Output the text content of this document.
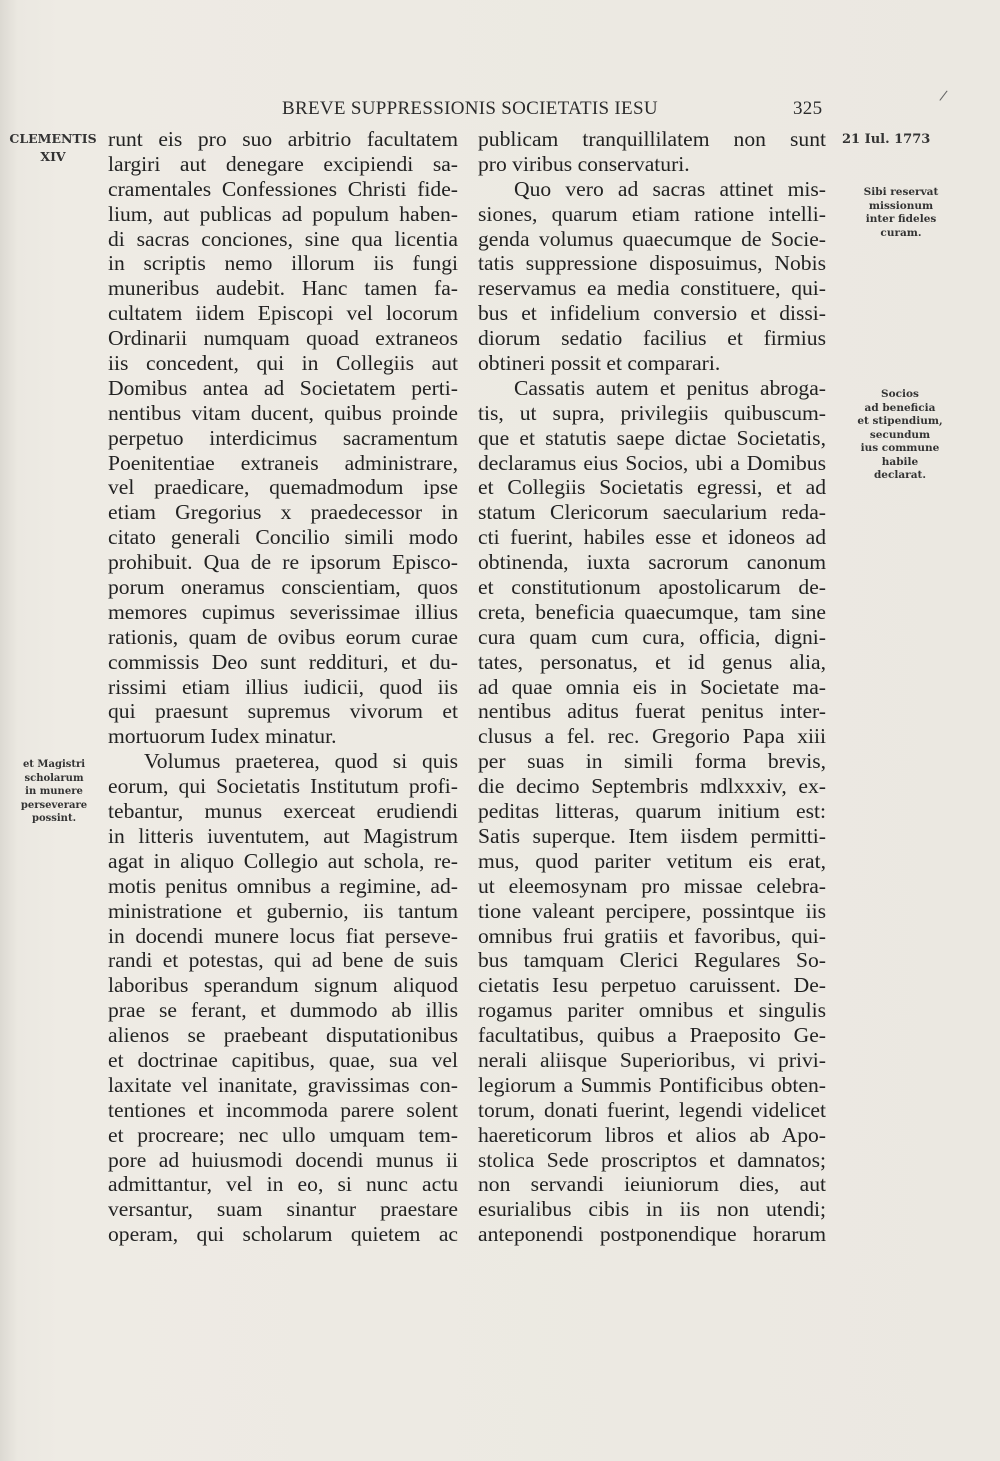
BREVE SUPPRESSIONIS SOCIETATIS IESU	325
CLEMENTIS
XIV
21 Iul. 1773
Sibi reservat
missionum
inter fideles
curam.
Socios
ad beneficia
et stipendium,
secundum
ius commune
habile
declarat.
et Magistri
scholarum
in munere
perseverare
possint.
runt eis pro suo arbitrio facultatem
largiri aut denegare excipiendi sa-
cramentales Confessiones Christi fide-
lium, aut publicas ad populum haben-
di sacras conciones, sine qua licentia
in scriptis nemo illorum iis fungi
muneribus audebit. Hanc tamen fa-
cultatem iidem Episcopi vel locorum
Ordinarii numquam quoad extraneos
iis concedent, qui in Collegiis aut
Domibus antea ad Societatem perti-
nentibus vitam ducent, quibus proinde
perpetuo interdicimus sacramentum
Poenitentiae extraneis administrare,
vel praedicare, quemadmodum ipse
etiam Gregorius x praedecessor in
citato generali Concilio simili modo
prohibuit. Qua de re ipsorum Episco-
porum oneramus conscientiam, quos
memores cupimus severissimae illius
rationis, quam de ovibus eorum curae
commissis Deo sunt reddituri, et du-
rissimi etiam illius iudicii, quod iis
qui praesunt supremus vivorum et
mortuorum Iudex minatur.
Volumus praeterea, quod si quis
eorum, qui Societatis Institutum profi-
tebantur, munus exerceat erudiendi
in litteris iuventutem, aut Magistrum
agat in aliquo Collegio aut schola, re-
motis penitus omnibus a regimine, ad-
ministratione et gubernio, iis tantum
in docendi munere locus fiat perseve-
randi et potestas, qui ad bene de suis
laboribus sperandum signum aliquod
prae se ferant, et dummodo ab illis
alienos se praebeant disputationibus
et doctrinae capitibus, quae, sua vel
laxitate vel inanitate, gravissimas con-
tentiones et incommoda parere solent
et procreare; nec ullo umquam tem-
pore ad huiusmodi docendi munus ii
admittantur, vel in eo, si nunc actu
versantur, suam sinantur praestare
operam, qui scholarum quietem ac
publicam tranquillilatem non sunt
pro viribus conservaturi.
Quo vero ad sacras attinet mis-
siones, quarum etiam ratione intelli-
genda volumus quaecumque de Socie-
tatis suppressione disposuimus, Nobis
reservamus ea media constituere, qui-
bus et infidelium conversio et dissi-
diorum sedatio facilius et firmius
obtineri possit et comparari.
Cassatis autem et penitus abroga-
tis, ut supra, privilegiis quibuscum-
que et statutis saepe dictae Societatis,
declaramus eius Socios, ubi a Domibus
et Collegiis Societatis egressi, et ad
statum Clericorum saecularium reda-
cti fuerint, habiles esse et idoneos ad
obtinenda, iuxta sacrorum canonum
et constitutionum apostolicarum de-
creta, beneficia quaecumque, tam sine
cura quam cum cura, officia, digni-
tates, personatus, et id genus alia,
ad quae omnia eis in Societate ma-
nentibus aditus fuerat penitus inter-
clusus a fel. rec. Gregorio Papa xiii
per suas in simili forma brevis,
die decimo Septembris mdlxxxiv, ex-
peditas litteras, quarum initium est:
Satis superque. Item iisdem permitti-
mus, quod pariter vetitum eis erat,
ut eleemosynam pro missae celebra-
tione valeant percipere, possintque iis
omnibus frui gratiis et favoribus, qui-
bus tamquam Clerici Regulares So-
cietatis Iesu perpetuo caruissent. De-
rogamus pariter omnibus et singulis
facultatibus, quibus a Praeposito Ge-
nerali aliisque Superioribus, vi privi-
legiorum a Summis Pontificibus obten-
torum, donati fuerint, legendi videlicet
haereticorum libros et alios ab Apo-
stolica Sede proscriptos et damnatos;
non servandi ieiuniorum dies, aut
esurialibus cibis in iis non utendi;
anteponendi postponendique horarum
/
